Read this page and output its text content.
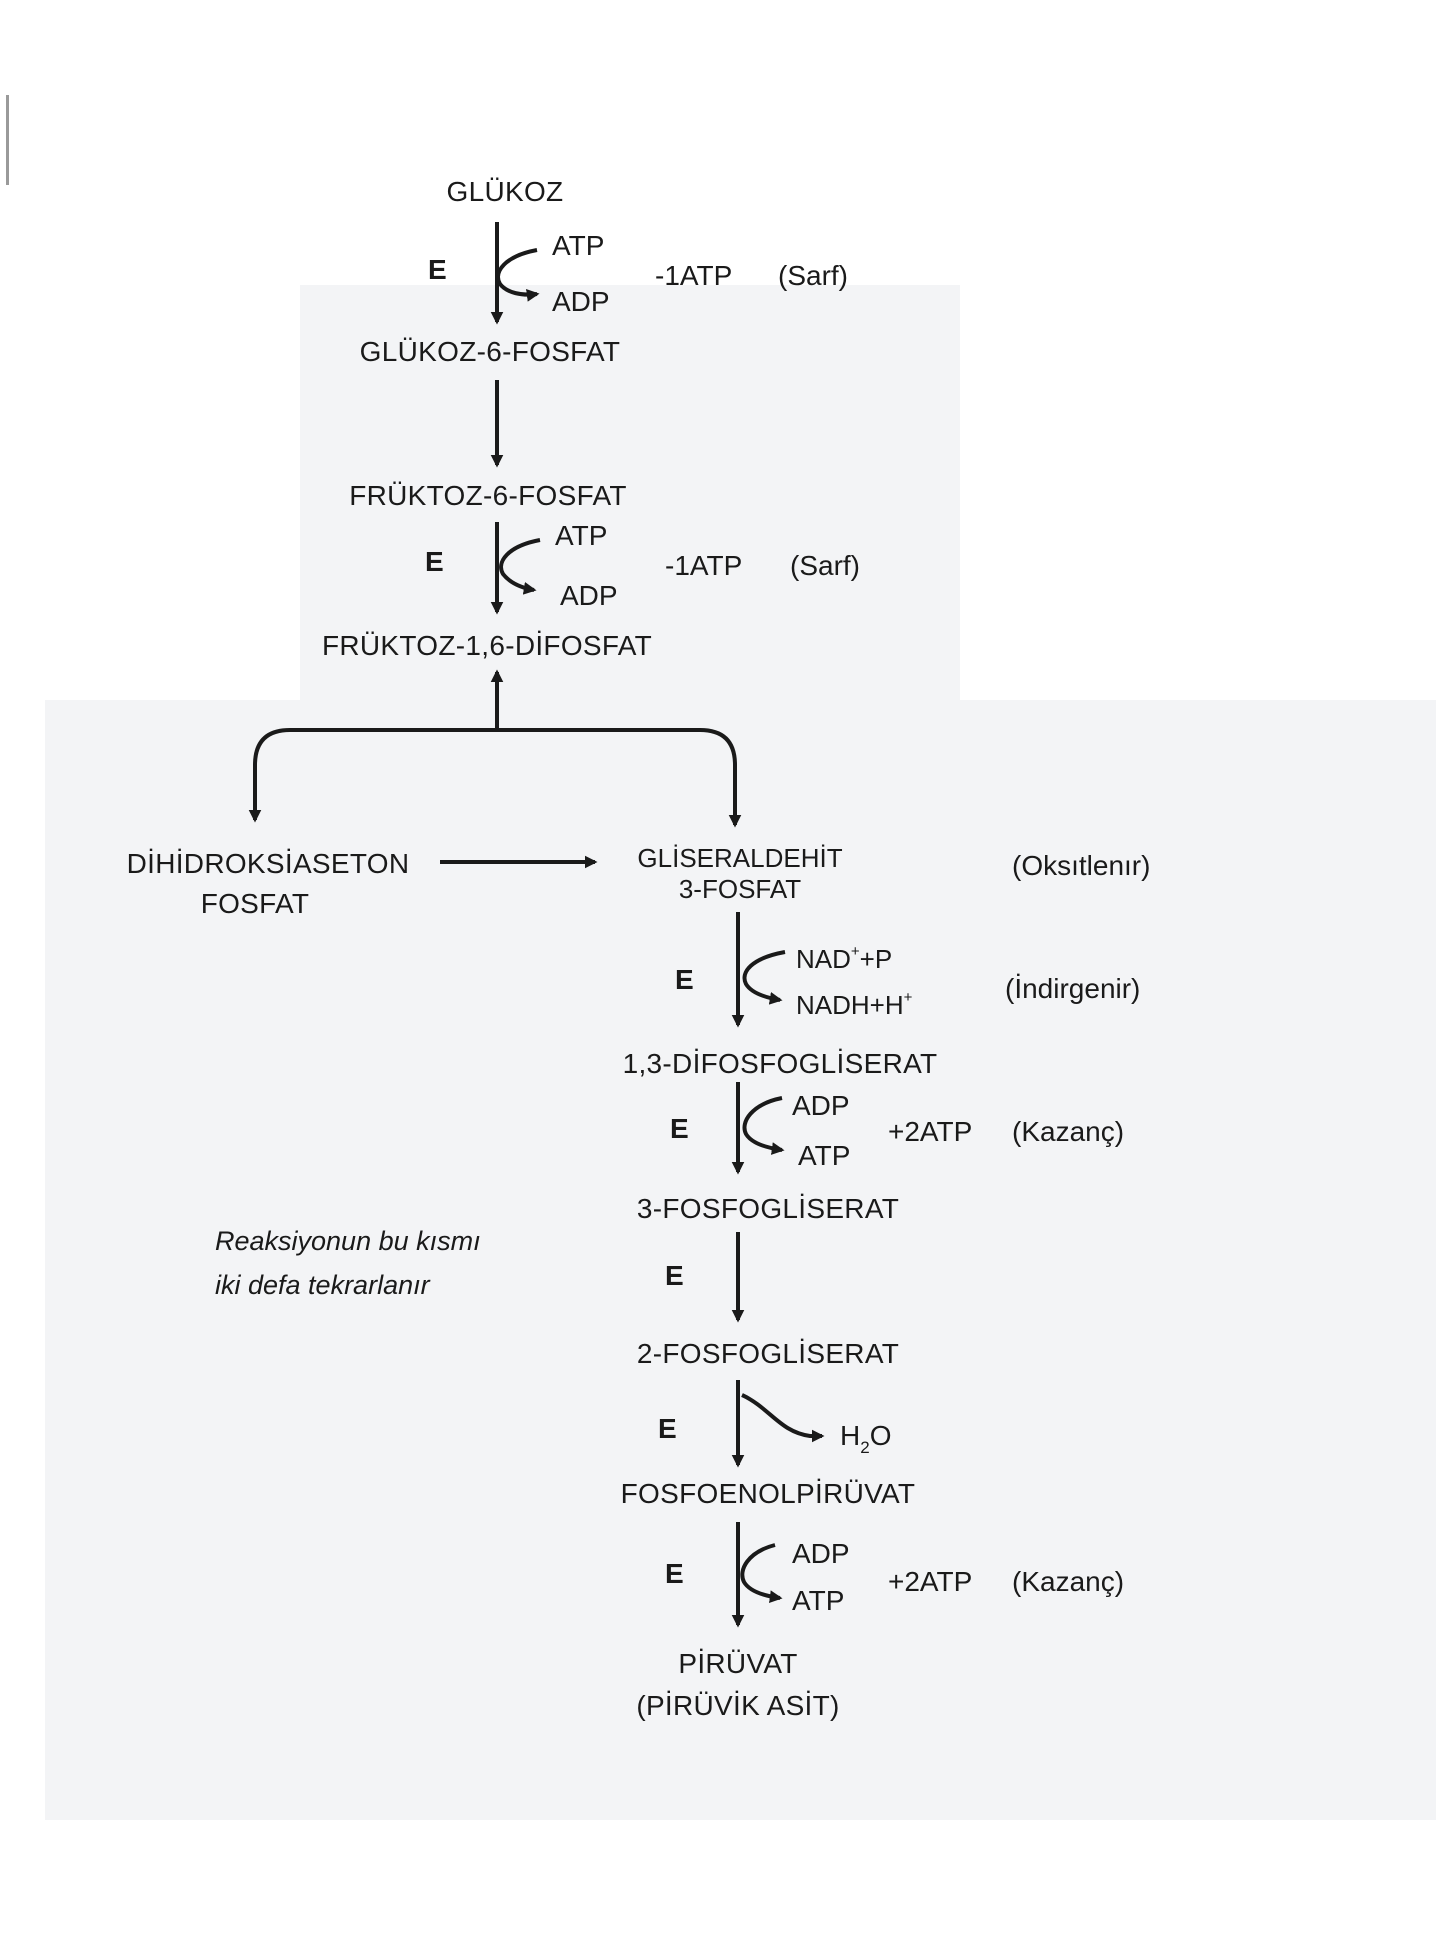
GLÜKOZ
GLÜKOZ-6-FOSFAT
FRÜKTOZ-6-FOSFAT
FRÜKTOZ-1,6-DİFOSFAT
DİHİDROKSİASETON
FOSFAT
GLİSERALDEHİT
3-FOSFAT
1,3-DİFOSFOGLİSERAT
3-FOSFOGLİSERAT
2-FOSFOGLİSERAT
FOSFOENOLPİRÜVAT
PİRÜVAT
(PİRÜVİK ASİT)
E
ATP
ADP
-1ATP (Sarf)
E
ATP
ADP
-1ATP (Sarf)
(Oksıtlenır)
E
NAD++P
NADH+H+	(İndirgenir)
E
ADP
ATP
+2ATP (Kazanç)
Reaksiyonun bu kısmı
iki defa tekrarlanır	E
E	$H_2O$
E
ADP
ATP
+2ATP (Kazanç)
